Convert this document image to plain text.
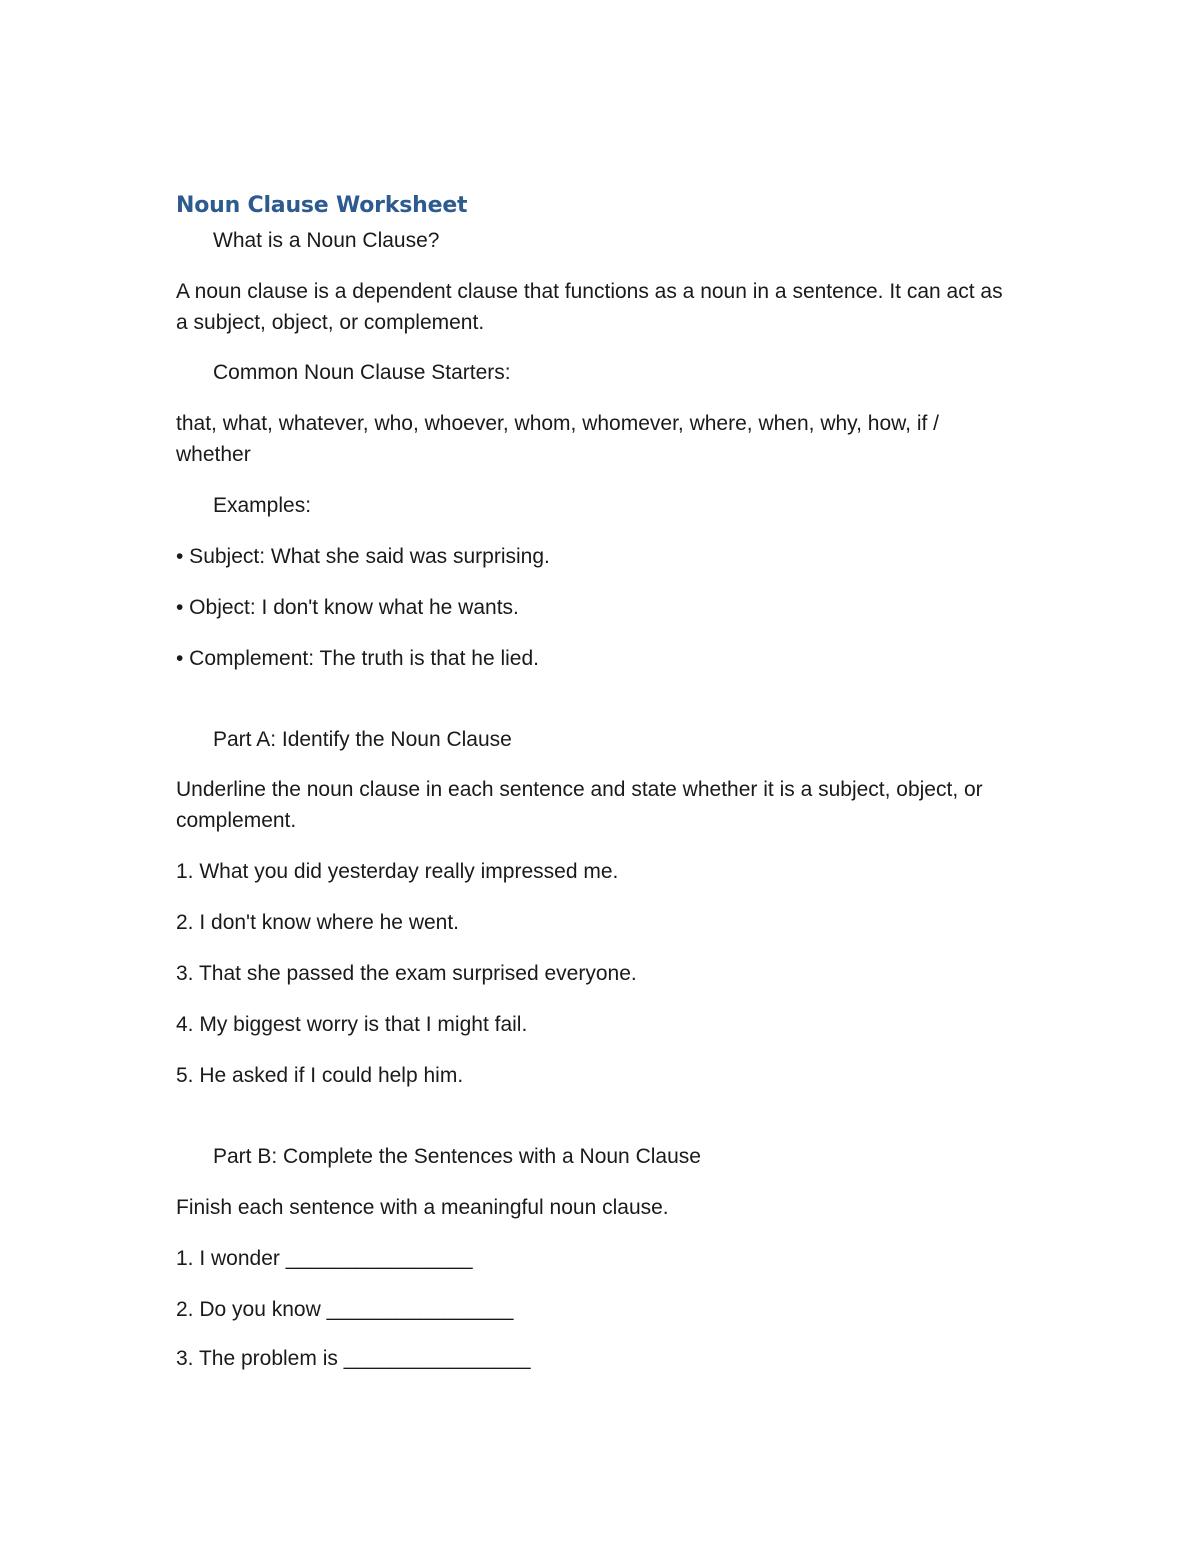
Noun Clause Worksheet

What is a Noun Clause?

A noun clause is a dependent clause that functions as a noun in a sentence. It can act as a subject, object, or complement.

Common Noun Clause Starters:

that, what, whatever, who, whoever, whom, whomever, where, when, why, how, if / whether

Examples:

• Subject: What she said was surprising.

• Object: I don't know what he wants.

• Complement: The truth is that he lied.

Part A: Identify the Noun Clause

Underline the noun clause in each sentence and state whether it is a subject, object, or complement.

1. What you did yesterday really impressed me.

2. I don't know where he went.

3. That she passed the exam surprised everyone.

4. My biggest worry is that I might fail.

5. He asked if I could help him.

Part B: Complete the Sentences with a Noun Clause

Finish each sentence with a meaningful noun clause.

1. I wonder ________________

2. Do you know ________________

3. The problem is ________________
